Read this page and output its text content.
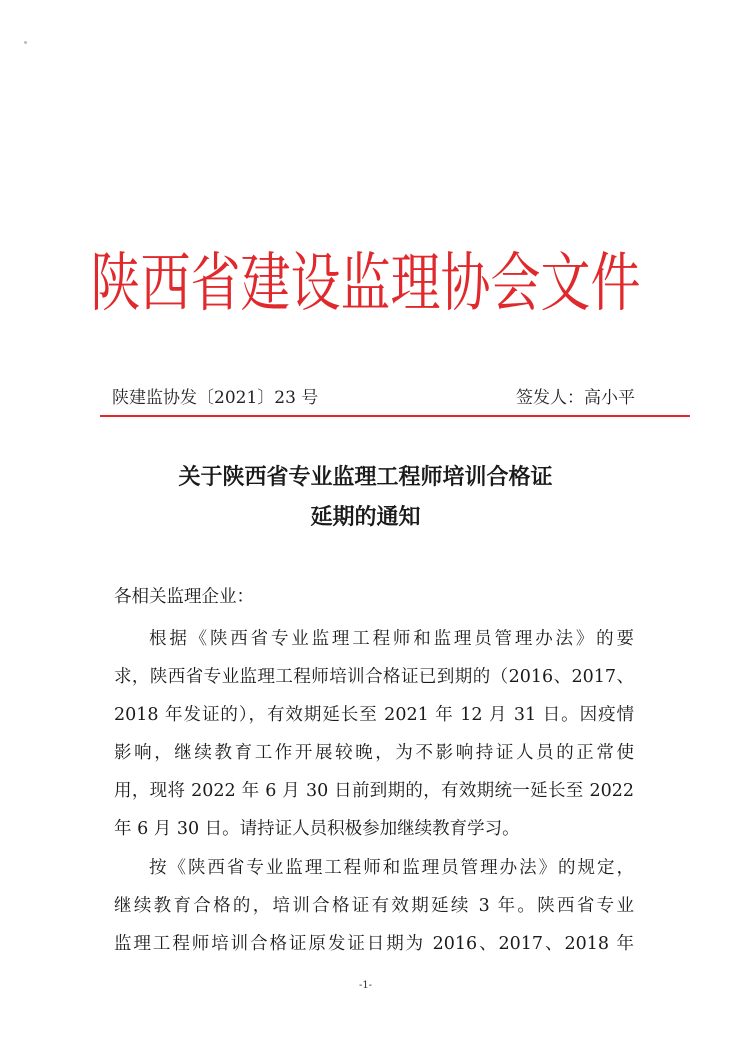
陕西省建设监理协会文件
陕建监协发〔2021〕23 号	签发人：高小平
关于陕西省专业监理工程师培训合格证
延期的通知
各相关监理企业：
根据《陕西省专业监理工程师和监理员管理办法》的要
求，陕西省专业监理工程师培训合格证已到期的（2016、2017、
2018 年发证的），有效期延长至 2021 年 12 月 31 日。因疫情
影响，继续教育工作开展较晚，为不影响持证人员的正常使
用，现将 2022 年 6 月 30 日前到期的，有效期统一延长至 2022
年 6 月 30 日。请持证人员积极参加继续教育学习。
按《陕西省专业监理工程师和监理员管理办法》的规定，
继续教育合格的，培训合格证有效期延续 3 年。陕西省专业
监理工程师培训合格证原发证日期为 2016、2017、2018 年
-1-
